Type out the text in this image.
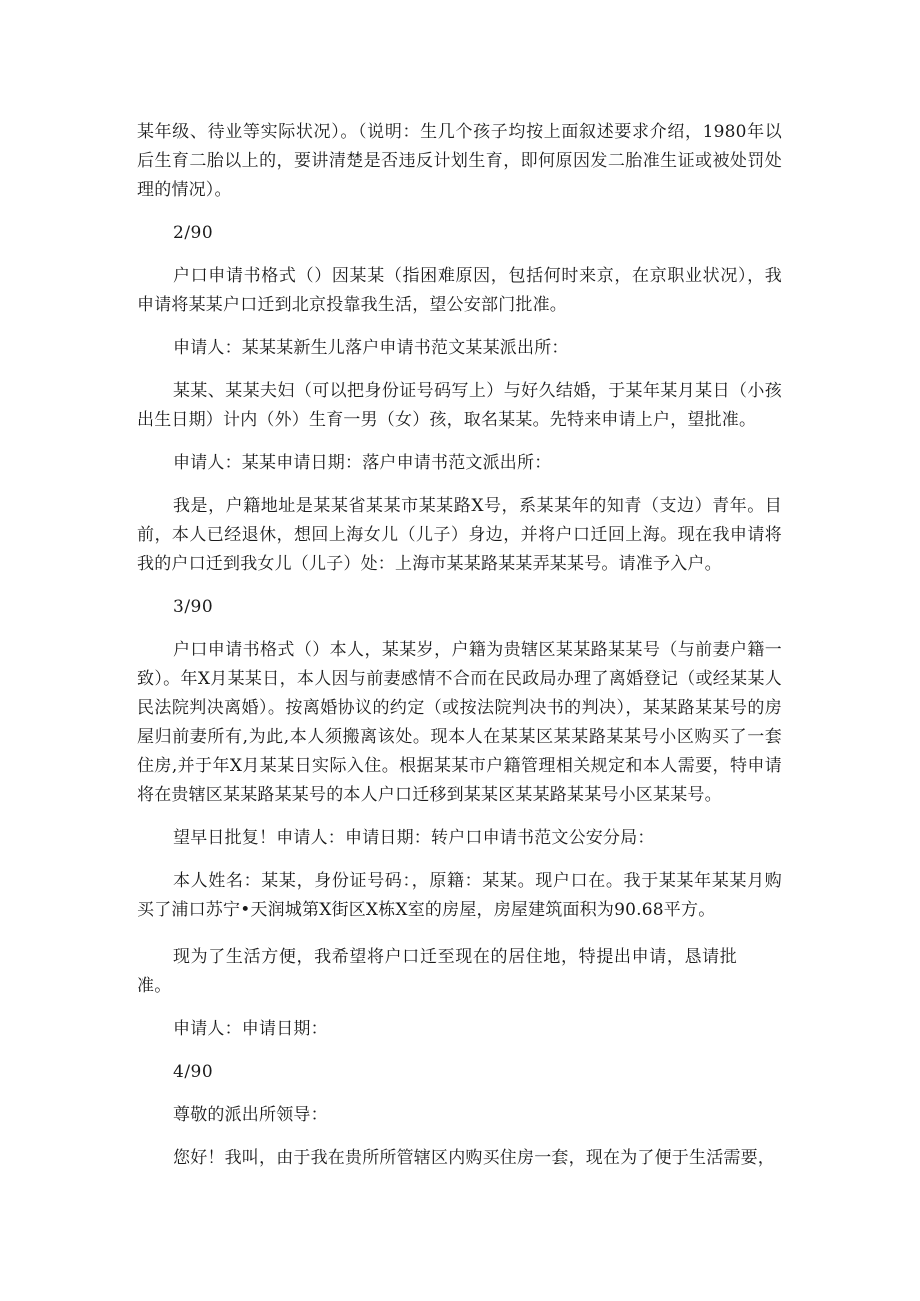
某年级、待业等实际状况）。（说明：生几个孩子均按上面叙述要求介绍，1980年以后生育二胎以上的，要讲清楚是否违反计划生育，即何原因发二胎准生证或被处罚处理的情况）。

2/90

户口申请书格式（）因某某（指困难原因，包括何时来京，在京职业状况），我申请将某某户口迁到北京投靠我生活，望公安部门批准。

申请人：某某某新生儿落户申请书范文某某派出所：

某某、某某夫妇（可以把身份证号码写上）与好久结婚，于某年某月某日（小孩出生日期）计内（外）生育一男（女）孩，取名某某。先特来申请上户，望批准。

申请人：某某申请日期：落户申请书范文派出所：

我是，户籍地址是某某省某某市某某路X号，系某某年的知青（支边）青年。目前，本人已经退休，想回上海女儿（儿子）身边，并将户口迁回上海。现在我申请将我的户口迁到我女儿（儿子）处：上海市某某路某某弄某某号。请准予入户。

3/90

户口申请书格式（）本人，某某岁，户籍为贵辖区某某路某某号（与前妻户籍一致）。年X月某某日，本人因与前妻感情不合而在民政局办理了离婚登记（或经某某人民法院判决离婚）。按离婚协议的约定（或按法院判决书的判决），某某路某某号的房屋归前妻所有,为此,本人须搬离该处。现本人在某某区某某路某某号小区购买了一套住房,并于年X月某某日实际入住。根据某某市户籍管理相关规定和本人需要，特申请将在贵辖区某某路某某号的本人户口迁移到某某区某某路某某号小区某某号。

望早日批复！申请人：申请日期：转户口申请书范文公安分局：

本人姓名：某某，身份证号码：，原籍：某某。现户口在。我于某某年某某月购买了浦口苏宁•天润城第X街区X栋X室的房屋，房屋建筑面积为90.68平方。

现为了生活方便，我希望将户口迁至现在的居住地，特提出申请，恳请批准。

申请人：申请日期：

4/90

尊敬的派出所领导：

您好！我叫，由于我在贵所所管辖区内购买住房一套，现在为了便于生活需要，
